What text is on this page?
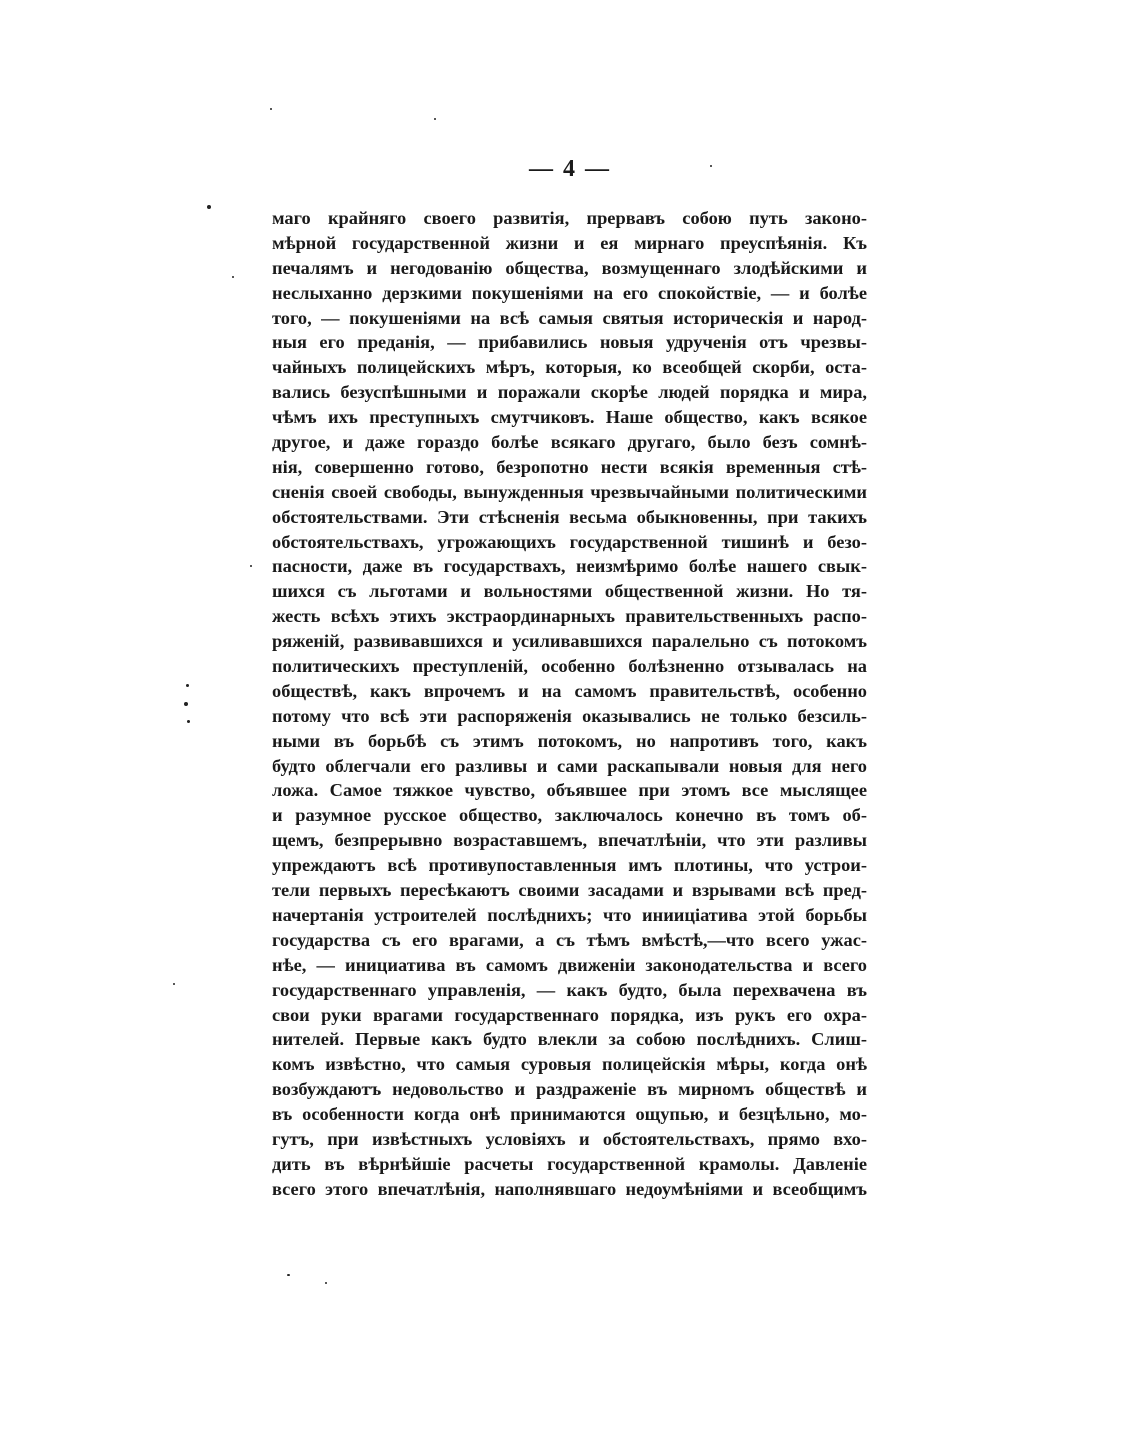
— 4 —
маго крайняго своего развитія, прервавъ собою путь законо-
мѣрной государственной жизни и ея мирнаго преуспѣянія. Къ
печалямъ и негодованію общества, возмущеннаго злодѣйскими и
неслыханно дерзкими покушеніями на его спокойствіе, — и болѣе
того, — покушеніями на всѣ самыя святыя историческія и народ-
ныя его преданія, — прибавились новыя удрученія отъ чрезвы-
чайныхъ полицейскихъ мѣръ, которыя, ко всеобщей скорби, оста-
вались безуспѣшными и поражали скорѣе людей порядка и мира,
чѣмъ ихъ преступныхъ смутчиковъ. Наше общество, какъ всякое
другое, и даже гораздо болѣе всякаго другаго, было безъ сомнѣ-
нія, совершенно готово, безропотно нести всякія временныя стѣ-
сненія своей свободы, вынужденныя чрезвычайными политическими
обстоятельствами. Эти стѣсненія весьма обыкновенны, при такихъ
обстоятельствахъ, угрожающихъ государственной тишинѣ и безо-
пасности, даже въ государствахъ, неизмѣримо болѣе нашего свык-
шихся съ льготами и вольностями общественной жизни. Но тя-
жесть всѣхъ этихъ экстраординарныхъ правительственныхъ распо-
ряженій, развивавшихся и усиливавшихся паралельно съ потокомъ
политическихъ преступленій, особенно болѣзненно отзывалась на
обществѣ, какъ впрочемъ и на самомъ правительствѣ, особенно
потому что всѣ эти распоряженія оказывались не только безсиль-
ными въ борьбѣ съ этимъ потокомъ, но напротивъ того, какъ
будто облегчали его разливы и сами раскапывали новыя для него
ложа. Самое тяжкое чувство, объявшее при этомъ все мыслящее
и разумное русское общество, заключалось конечно въ томъ об-
щемъ, безпрерывно возраставшемъ, впечатлѣніи, что эти разливы
упреждаютъ всѣ противупоставленныя имъ плотины, что устрои-
тели первыхъ пересѣкаютъ своими засадами и взрывами всѣ пред-
начертанія устроителей послѣднихъ; что инииціатива этой борьбы
государства съ его врагами, а съ тѣмъ вмѣстѣ,—что всего ужас-
нѣе, — инициатива въ самомъ движеніи законодательства и всего
государственнаго управленія, — какъ будто, была перехвачена въ
свои руки врагами государственнаго порядка, изъ рукъ его охра-
нителей. Первые какъ будто влекли за собою послѣднихъ. Слиш-
комъ извѣстно, что самыя суровыя полицейскія мѣры, когда онѣ
возбуждаютъ недовольство и раздраженіе въ мирномъ обществѣ и
въ особенности когда онѣ принимаются ощупью, и безцѣльно, мо-
гутъ, при извѣстныхъ условіяхъ и обстоятельствахъ, прямо вхо-
дить въ вѣрнѣйшіе расчеты государственной крамолы. Давленіе
всего этого впечатлѣнія, наполнявшаго недоумѣніями и всеобщимъ
